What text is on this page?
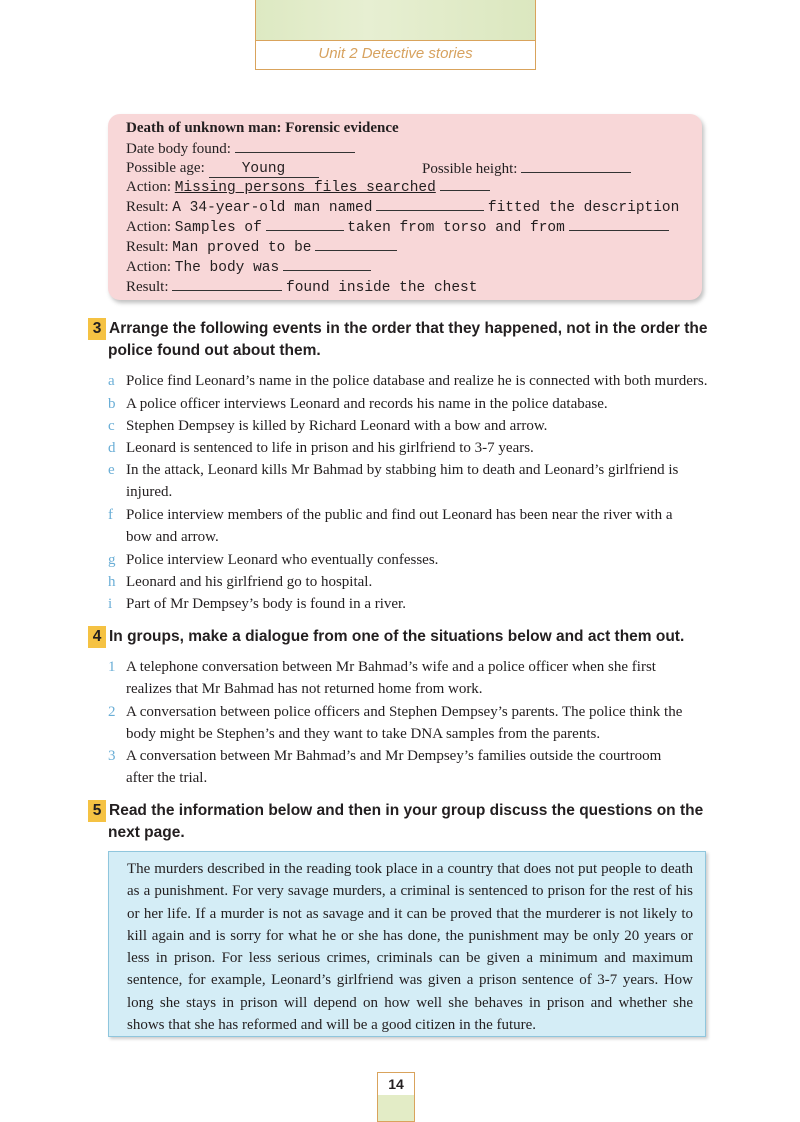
Unit 2 Detective stories
Death of unknown man: Forensic evidence
Date body found:
Possible age:	Young	Possible height:
Action: Missing persons files searched
Result: A 34-year-old man named	fitted the description
Action: Samples of	taken from torso and from
Result: Man proved to be
Action: The body was
Result:	found inside the chest
3 Arrange the following events in the order that they happened, not in the order the
police found out about them.
a Police find Leonard’s name in the police database and realize he is connected with both murders.
b A police officer interviews Leonard and records his name in the police database.
c Stephen Dempsey is killed by Richard Leonard with a bow and arrow.
d Leonard is sentenced to life in prison and his girlfriend to 3-7 years.
e In the attack, Leonard kills Mr Bahmad by stabbing him to death and Leonard’s girlfriend is
injured.
f Police interview members of the public and find out Leonard has been near the river with a
bow and arrow.
g Police interview Leonard who eventually confesses.
h Leonard and his girlfriend go to hospital.
i Part of Mr Dempsey’s body is found in a river.
4 In groups, make a dialogue from one of the situations below and act them out.
1 A telephone conversation between Mr Bahmad’s wife and a police officer when she first
realizes that Mr Bahmad has not returned home from work.
2 A conversation between police officers and Stephen Dempsey’s parents. The police think the
body might be Stephen’s and they want to take DNA samples from the parents.
3 A conversation between Mr Bahmad’s and Mr Dempsey’s families outside the courtroom
after the trial.
5 Read the information below and then in your group discuss the questions on the
next page.
The murders described in the reading took place in a country that does not put people to death as a punishment. For very savage murders, a criminal is sentenced to prison for the rest of his or her life. If a murder is not as savage and it can be proved that the murderer is not likely to kill again and is sorry for what he or she has done, the punishment may be only 20 years or less in prison. For less serious crimes, criminals can be given a minimum and maximum sentence, for example, Leonard’s girlfriend was given a prison sentence of 3-7 years. How long she stays in prison will depend on how well she behaves in prison and whether she shows that she has reformed and will be a good citizen in the future.
14
